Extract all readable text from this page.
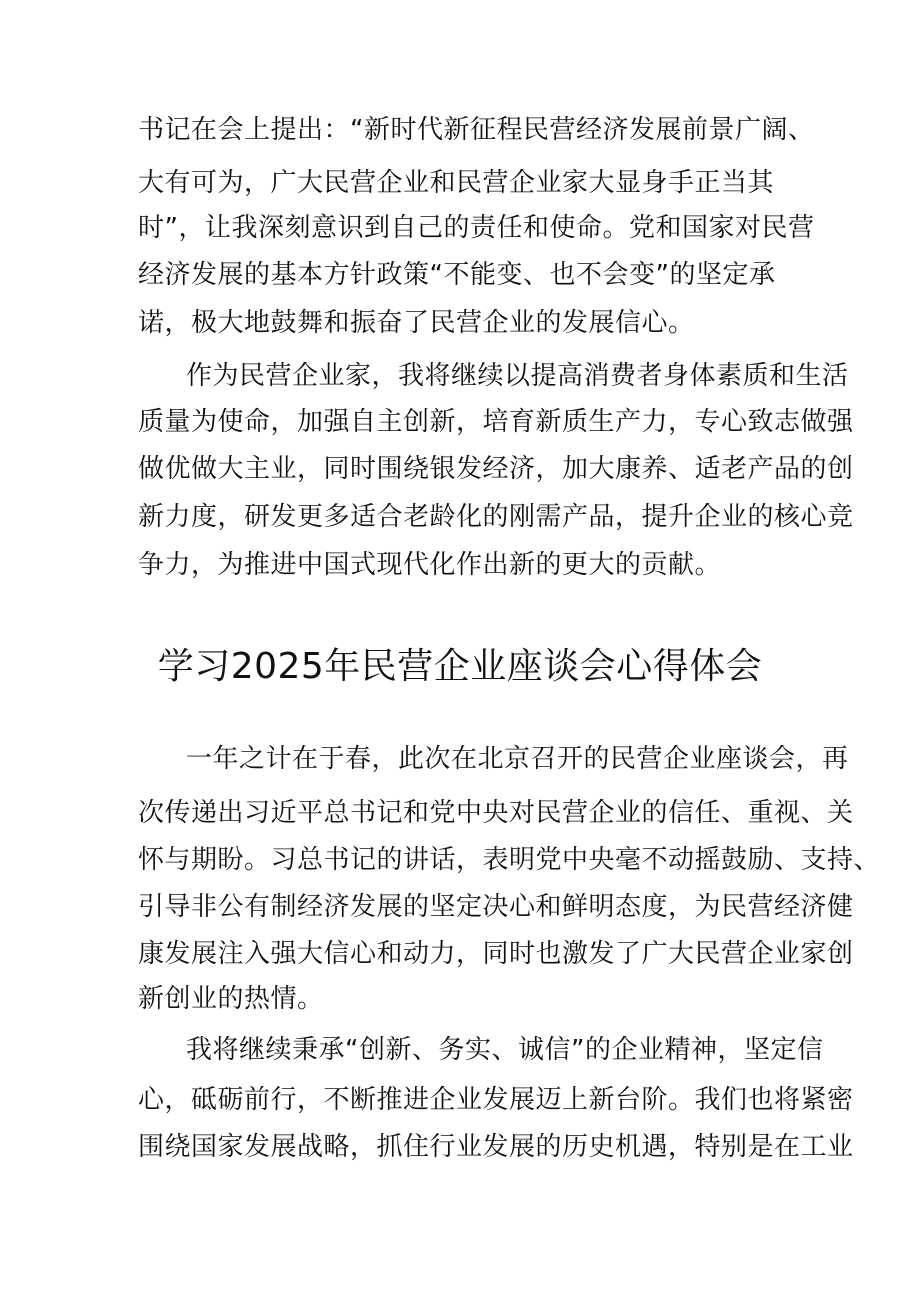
书记在会上提出：“新时代新征程民营经济发展前景广阔、
大有可为，广大民营企业和民营企业家大显身手正当其
时”，让我深刻意识到自己的责任和使命。党和国家对民营
经济发展的基本方针政策“不能变、也不会变”的坚定承
诺，极大地鼓舞和振奋了民营企业的发展信心。
作为民营企业家，我将继续以提高消费者身体素质和生活
质量为使命，加强自主创新，培育新质生产力，专心致志做强
做优做大主业，同时围绕银发经济，加大康养、适老产品的创
新力度，研发更多适合老龄化的刚需产品，提升企业的核心竞
争力，为推进中国式现代化作出新的更大的贡献。
学习2025年民营企业座谈会心得体会
一年之计在于春，此次在北京召开的民营企业座谈会，再
次传递出习近平总书记和党中央对民营企业的信任、重视、关
怀与期盼。习总书记的讲话，表明党中央毫不动摇鼓励、支持、
引导非公有制经济发展的坚定决心和鲜明态度，为民营经济健
康发展注入强大信心和动力，同时也激发了广大民营企业家创
新创业的热情。
我将继续秉承“创新、务实、诚信”的企业精神，坚定信
心，砥砺前行，不断推进企业发展迈上新台阶。我们也将紧密
围绕国家发展战略，抓住行业发展的历史机遇，特别是在工业
